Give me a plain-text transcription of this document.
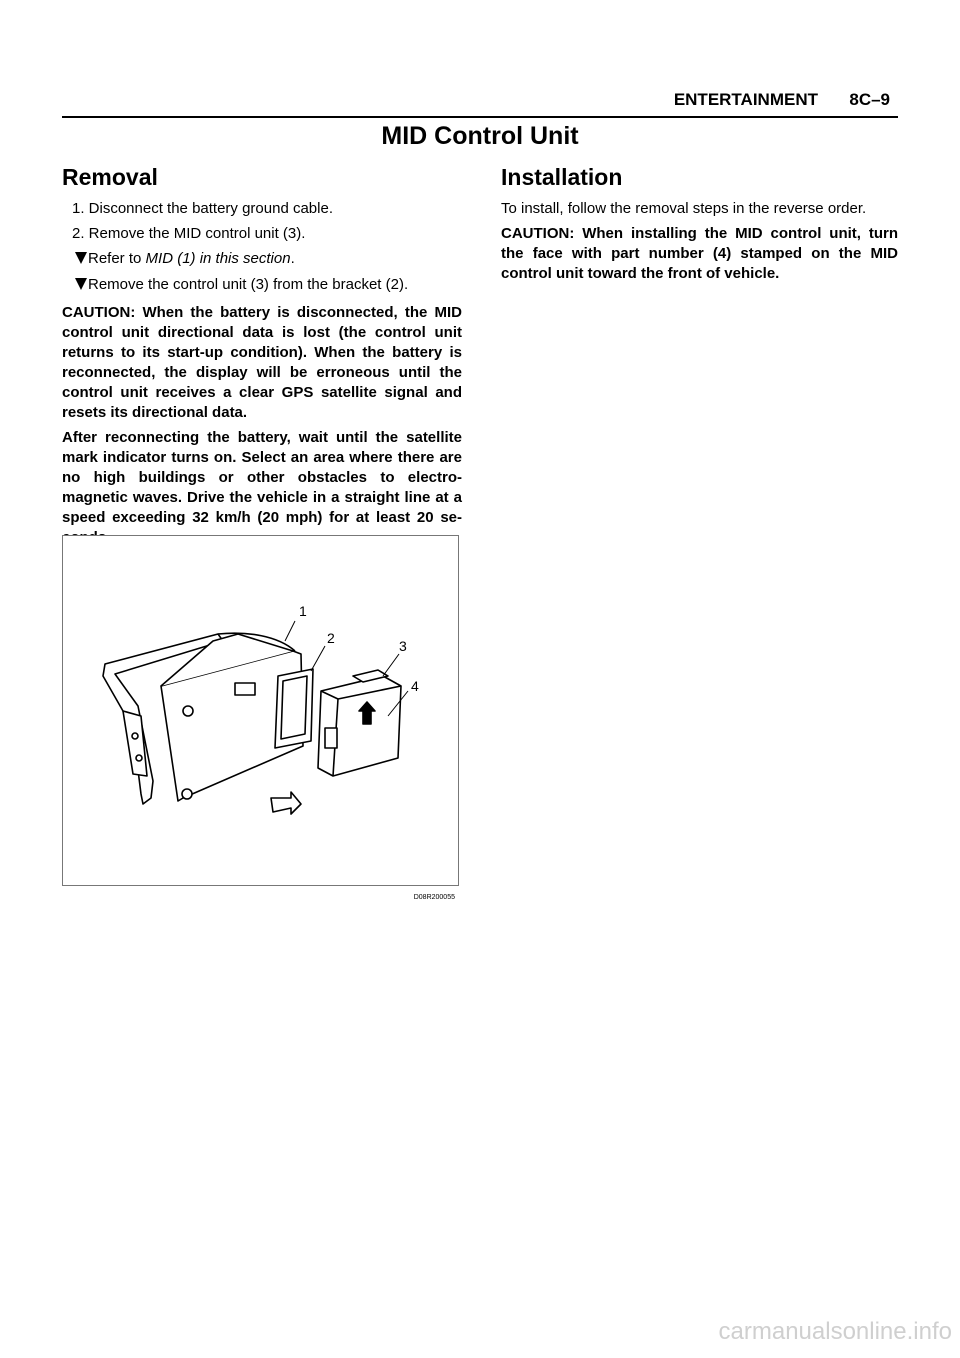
ENTERTAINMENT 8C–9
MID Control Unit
Removal
1. Disconnect the battery ground cable.
2. Remove the MID control unit (3).
Refer to MID (1) in this section.
Remove the control unit (3) from the bracket (2).

CAUTION: When the battery is disconnected, the MID control unit directional data is lost (the control unit returns to its start-up condition). When the battery is reconnected, the display will be erroneous until the control unit receives a clear GPS satellite signal and resets its directional data.

After reconnecting the battery, wait until the satellite mark indicator turns on. Select an area where there are no high buildings or other obstacles to electro-magnetic waves. Drive the vehicle in a straight line at a speed exceeding 32 km/h (20 mph) for at least 20 se-

Installation

To install, follow the removal steps in the reverse order.

CAUTION: When installing the MID control unit, turn the face with part number (4) stamped on the MID control unit toward the front of vehicle.

1
2	3
4
D08R200055
carmanualsonline.info
